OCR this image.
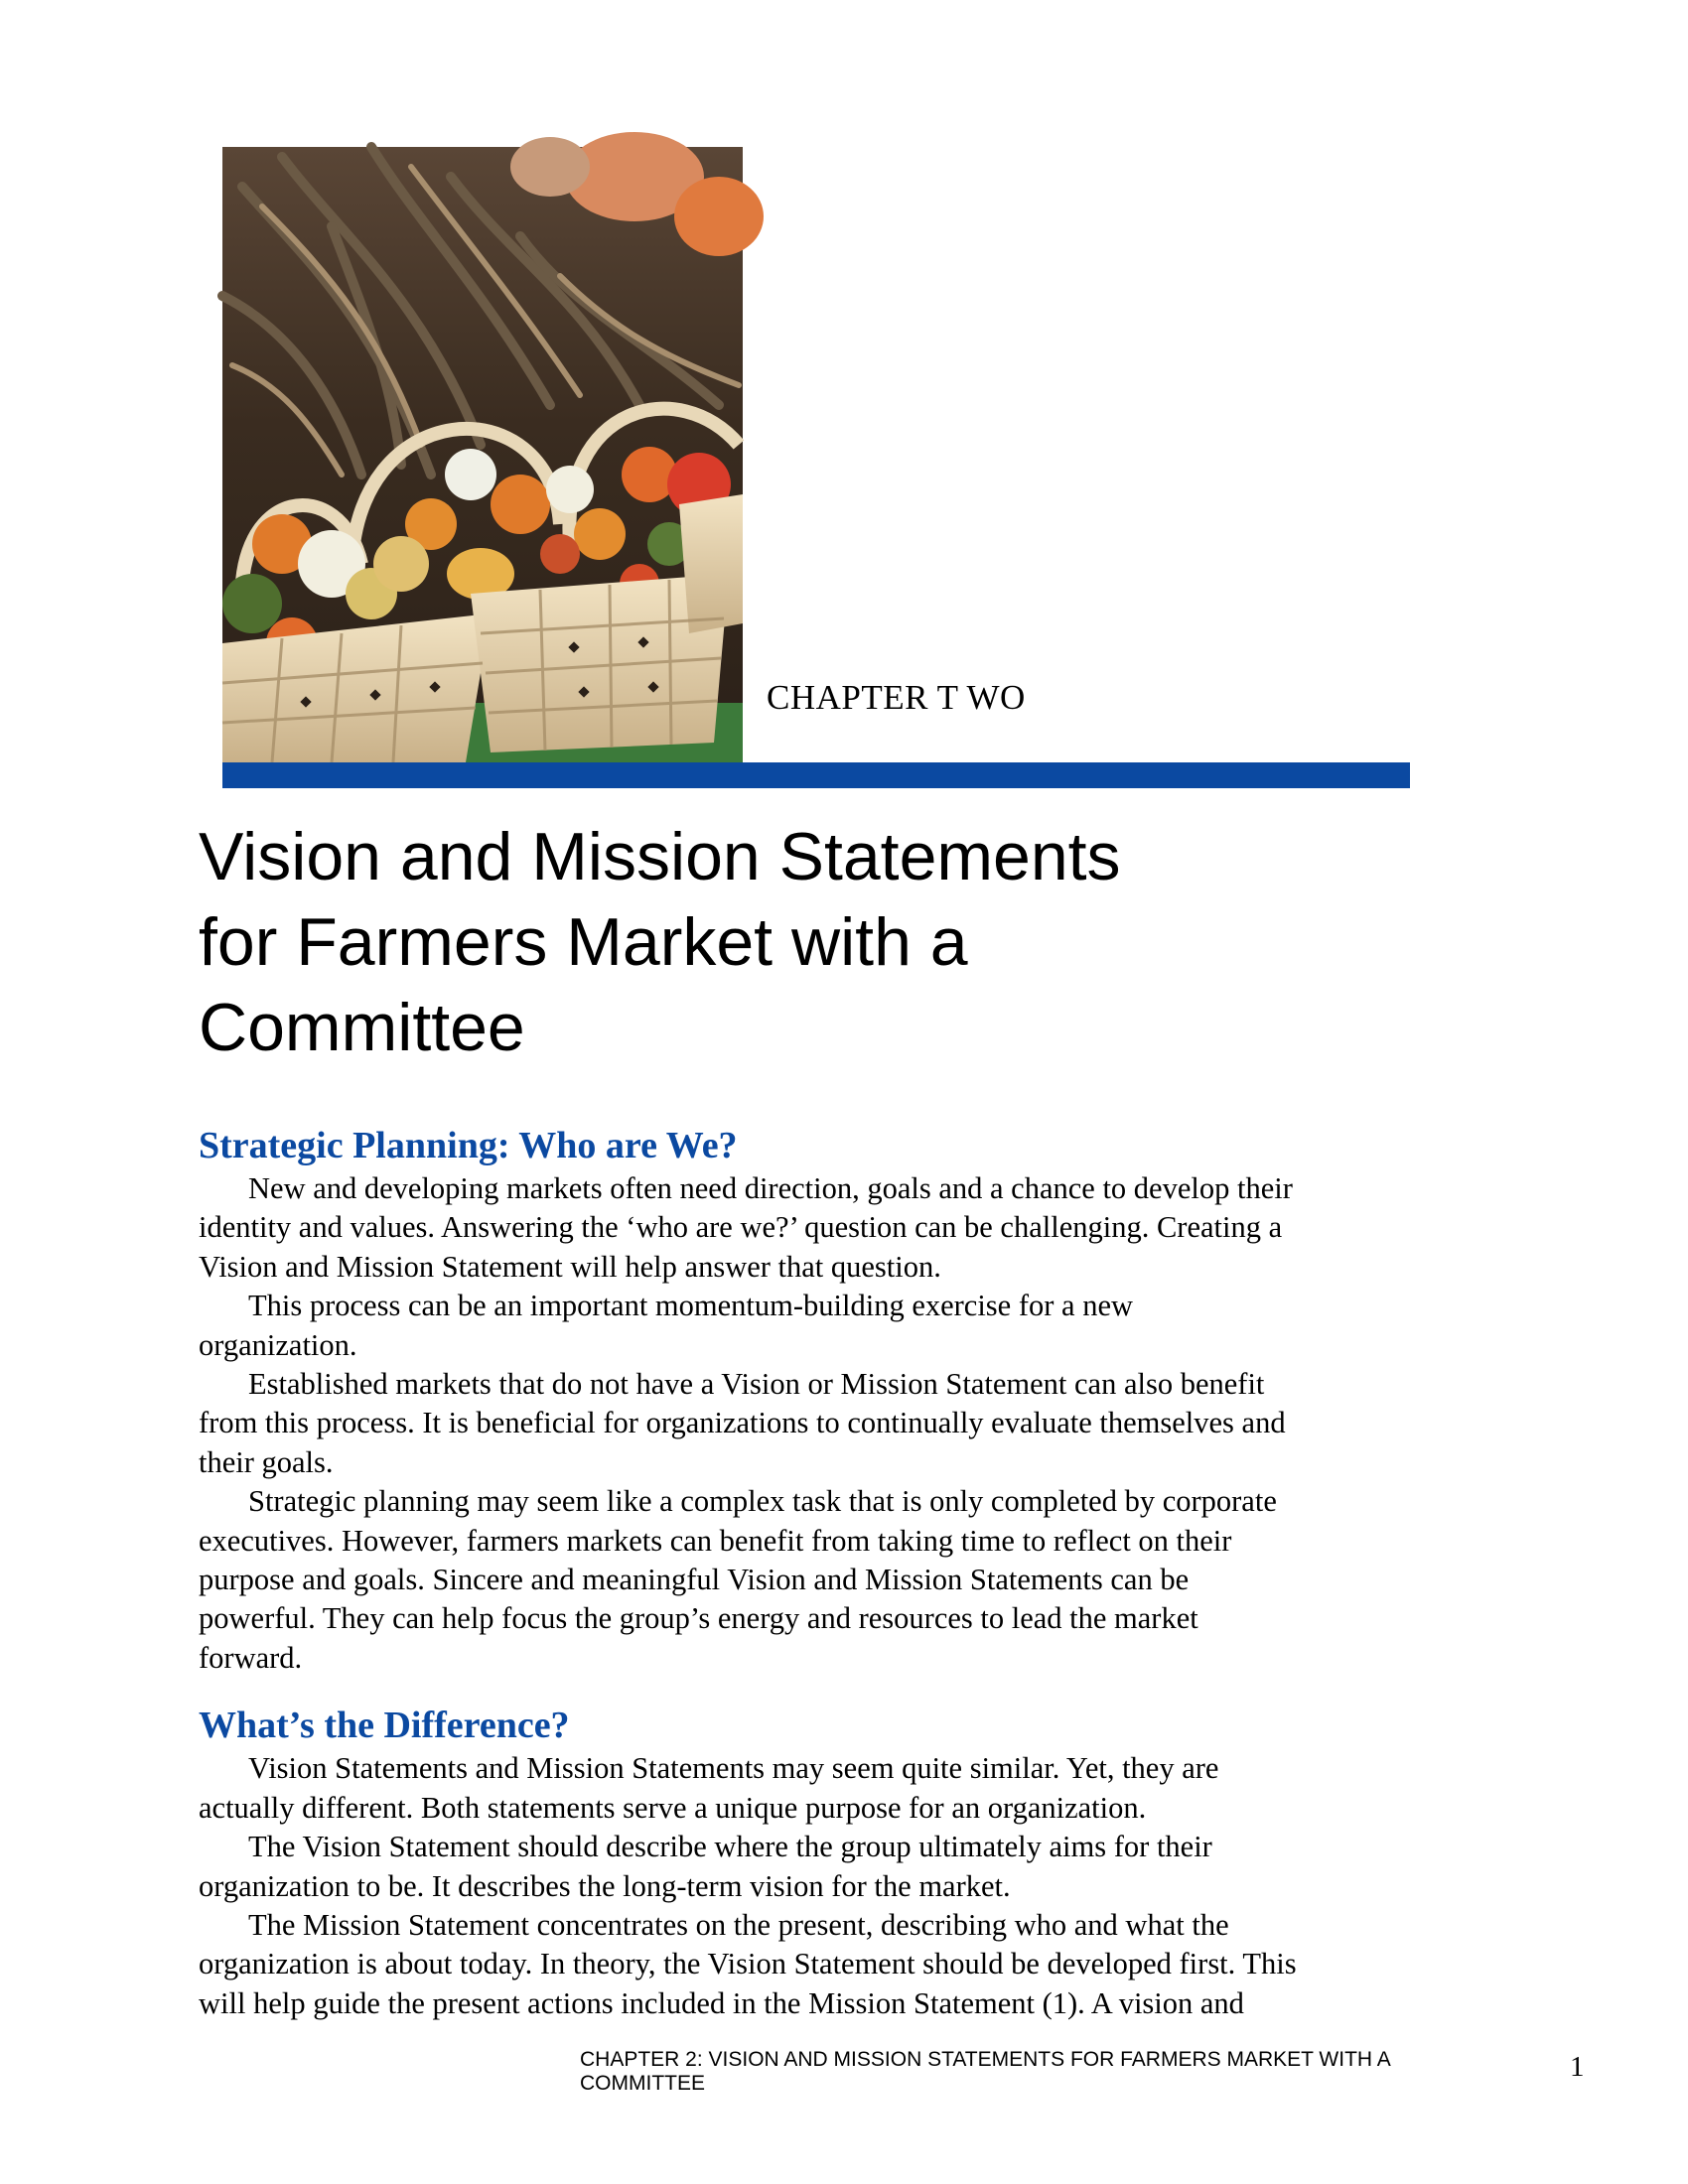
CHAPTER T WO
Vision and Mission Statements
for Farmers Market with a
Committee
Strategic Planning: Who are We?

New and developing markets often need direction, goals and a chance to develop their
identity and values. Answering the ‘who are we?’ question can be challenging. Creating a
Vision and Mission Statement will help answer that question.

This process can be an important momentum-building exercise for a new
organization.

Established markets that do not have a Vision or Mission Statement can also benefit
from this process. It is beneficial for organizations to continually evaluate themselves and
their goals.

Strategic planning may seem like a complex task that is only completed by corporate
executives. However, farmers markets can benefit from taking time to reflect on their
purpose and goals. Sincere and meaningful Vision and Mission Statements can be
powerful. They can help focus the group’s energy and resources to lead the market
forward.

What’s the Difference?

Vision Statements and Mission Statements may seem quite similar. Yet, they are
actually different. Both statements serve a unique purpose for an organization.

The Vision Statement should describe where the group ultimately aims for their
organization to be. It describes the long-term vision for the market.

The Mission Statement concentrates on the present, describing who and what the
organization is about today. In theory, the Vision Statement should be developed first. This
will help guide the present actions included in the Mission Statement (1). A vision and

CHAPTER 2: VISION AND MISSION STATEMENTS FOR FARMERS MARKET WITH A COMMITTEE
1
